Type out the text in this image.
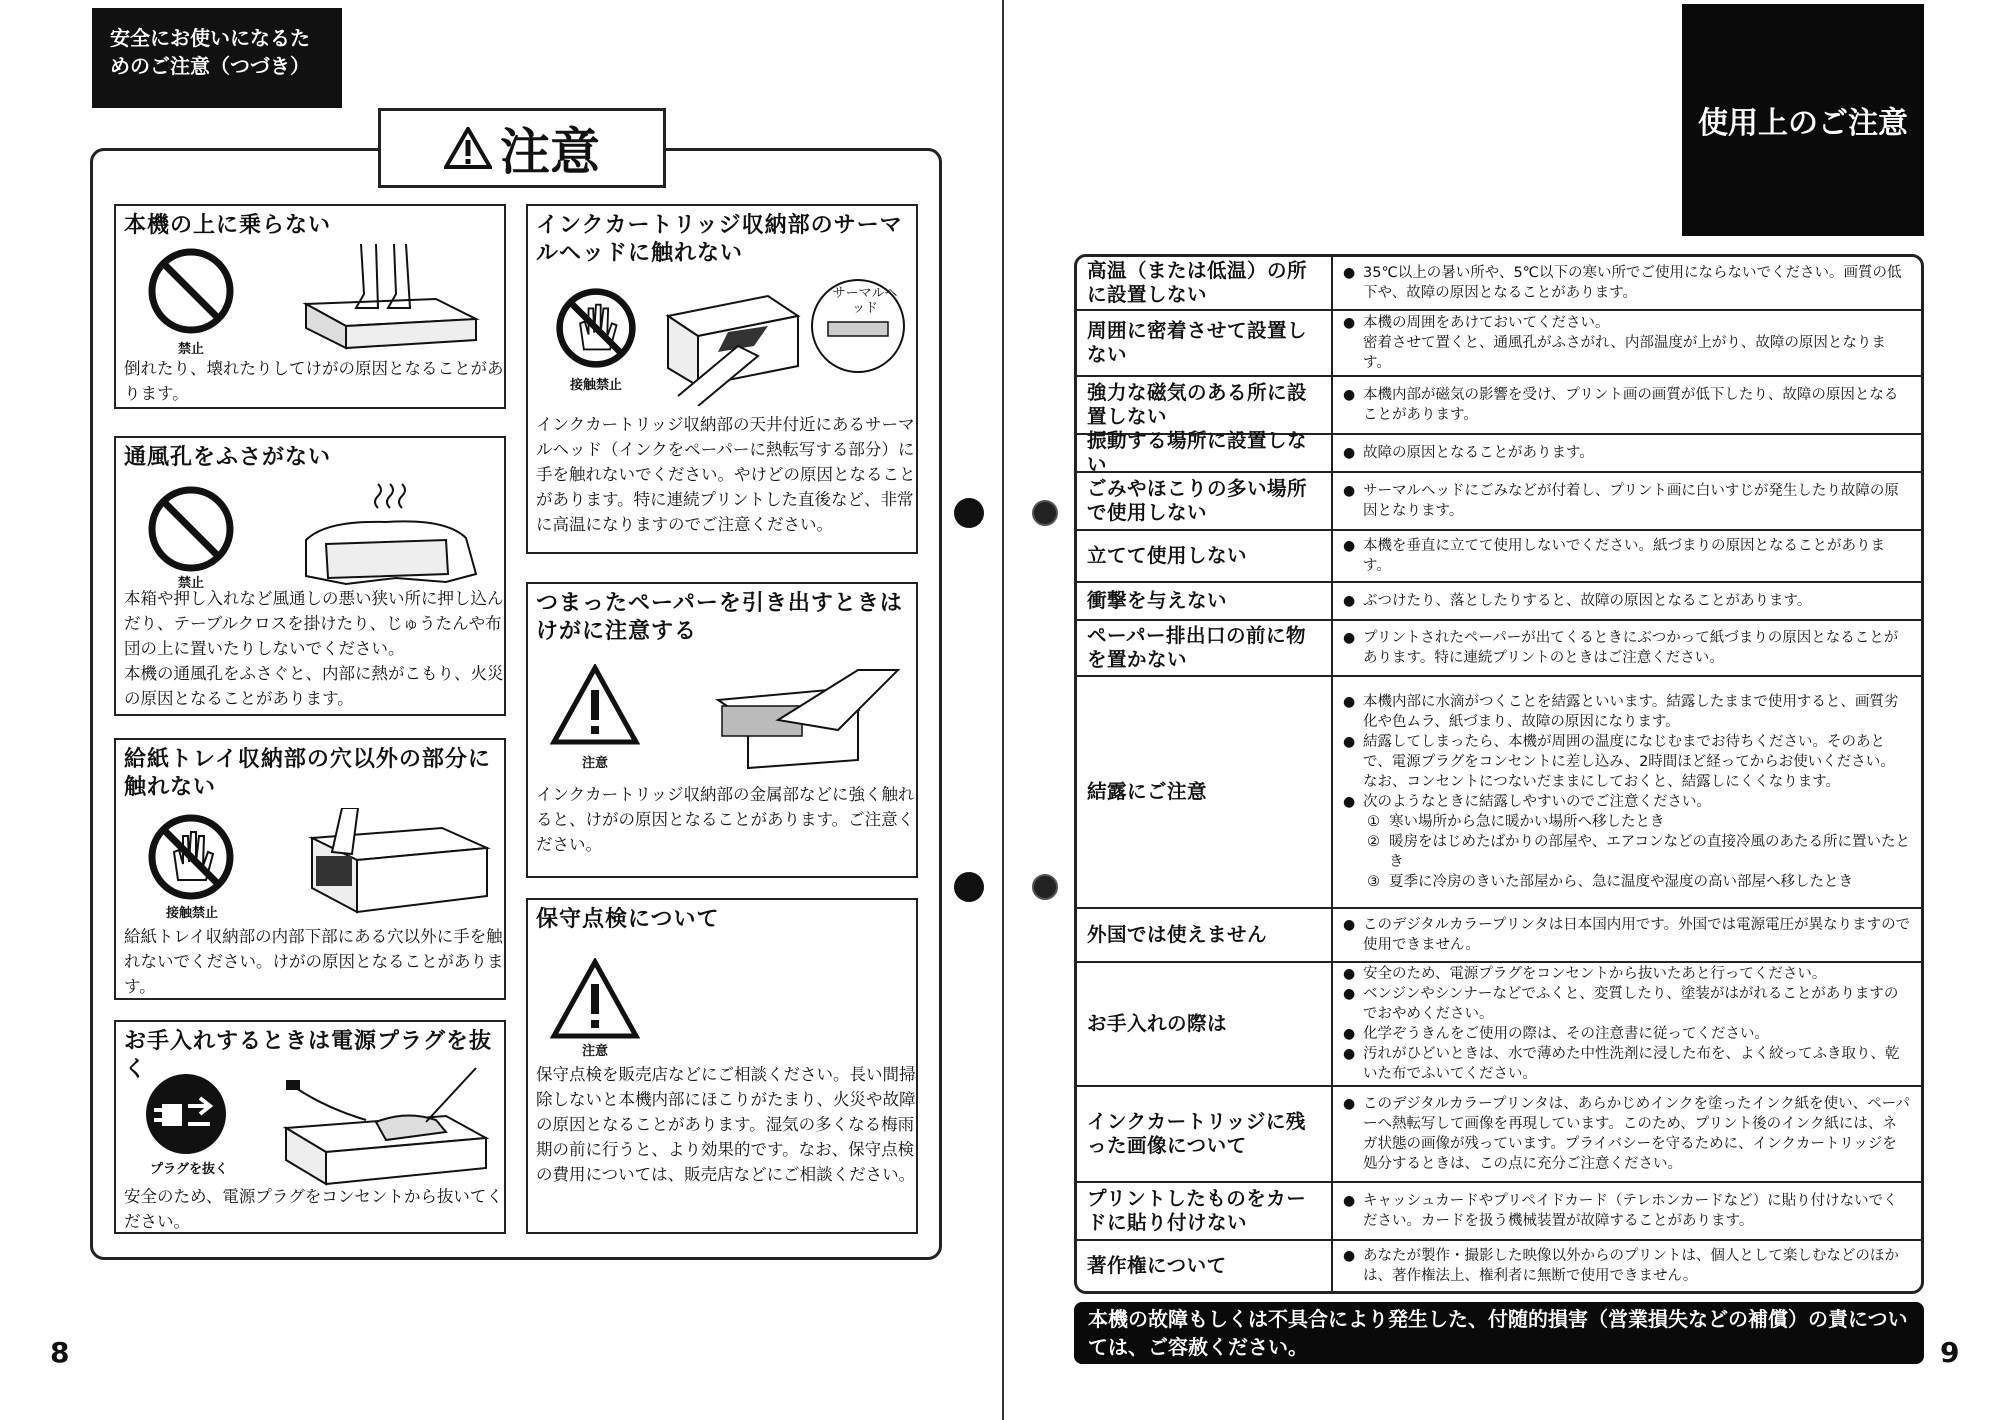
安全にお使いになるためのご注意（つづき）
注意
本機の上に乗らない
禁止
倒れたり、壊れたりしてけがの原因となることがあります。
通風孔をふさがない
禁止
本箱や押し入れなど風通しの悪い狭い所に押し込んだり、テーブルクロスを掛けたり、じゅうたんや布団の上に置いたりしないでください。
本機の通風孔をふさぐと、内部に熱がこもり、火災の原因となることがあります。
給紙トレイ収納部の穴以外の部分に触れない
接触禁止
給紙トレイ収納部の内部下部にある穴以外に手を触れないでください。けがの原因となることがあります。
お手入れするときは電源プラグを抜く
プラグを抜く
安全のため、電源プラグをコンセントから抜いてください。
インクカートリッジ収納部のサーマルヘッドに触れない
接触禁止
サーマルヘッド
インクカートリッジ収納部の天井付近にあるサーマルヘッド（インクをペーパーに熱転写する部分）に手を触れないでください。やけどの原因となることがあります。特に連続プリントした直後など、非常に高温になりますのでご注意ください。
つまったペーパーを引き出すときはけがに注意する
注意
インクカートリッジ収納部の金属部などに強く触れると、けがの原因となることがあります。ご注意ください。
保守点検について
注意
保守点検を販売店などにご相談ください。長い間掃除しないと本機内部にほこりがたまり、火災や故障の原因となることがあります。湿気の多くなる梅雨期の前に行うと、より効果的です。なお、保守点検の費用については、販売店などにご相談ください。
8
使用上のご注意
高温（または低温）の所に設置しない
● 35℃以上の暑い所や、5℃以下の寒い所でご使用にならないでください。画質の低下や、故障の原因となることがあります。
周囲に密着させて設置しない
● 本機の周囲をあけておいてください。
密着させて置くと、通風孔がふさがれ、内部温度が上がり、故障の原因となります。
強力な磁気のある所に設置しない
● 本機内部が磁気の影響を受け、プリント画の画質が低下したり、故障の原因となることがあります。
振動する場所に設置しない	● 故障の原因となることがあります。
ごみやほこりの多い場所で使用しない
● サーマルヘッドにごみなどが付着し、プリント画に白いすじが発生したり故障の原因となります。
立てて使用しない	● 本機を垂直に立てて使用しないでください。紙づまりの原因となることがあります。
衝撃を与えない	● ぶつけたり、落としたりすると、故障の原因となることがあります。
ペーパー排出口の前に物を置かない
● プリントされたペーパーが出てくるときにぶつかって紙づまりの原因となることがあります。特に連続プリントのときはご注意ください。
結露にご注意
● 本機内部に水滴がつくことを結露といいます。結露したままで使用すると、画質劣化や色ムラ、紙づまり、故障の原因になります。
● 結露してしまったら、本機が周囲の温度になじむまでお待ちください。そのあとで、電源プラグをコンセントに差し込み、2時間ほど経ってからお使いください。
なお、コンセントにつないだままにしておくと、結露しにくくなります。
● 次のようなときに結露しやすいのでご注意ください。
① 寒い場所から急に暖かい場所へ移したとき
② 暖房をはじめたばかりの部屋や、エアコンなどの直接冷風のあたる所に置いたとき
③ 夏季に冷房のきいた部屋から、急に温度や湿度の高い部屋へ移したとき
外国では使えません	● このデジタルカラープリンタは日本国内用です。外国では電源電圧が異なりますので使用できません。
お手入れの際は
● 安全のため、電源プラグをコンセントから抜いたあと行ってください。
● ベンジンやシンナーなどでふくと、変質したり、塗装がはがれることがありますのでおやめください。
● 化学ぞうきんをご使用の際は、その注意書に従ってください。
● 汚れがひどいときは、水で薄めた中性洗剤に浸した布を、よく絞ってふき取り、乾いた布でふいてください。
インクカートリッジに残った画像について
● このデジタルカラープリンタは、あらかじめインクを塗ったインク紙を使い、ペーパーへ熱転写して画像を再現しています。このため、プリント後のインク紙には、ネガ状態の画像が残っています。プライバシーを守るために、インクカートリッジを処分するときは、この点に充分ご注意ください。
プリントしたものをカードに貼り付けない
● キャッシュカードやプリペイドカード（テレホンカードなど）に貼り付けないでください。カードを扱う機械装置が故障することがあります。
著作権について	● あなたが製作・撮影した映像以外からのプリントは、個人として楽しむなどのほかは、著作権法上、権利者に無断で使用できません。
本機の故障もしくは不具合により発生した、付随的損害（営業損失などの補償）の責については、ご容赦ください。	9
